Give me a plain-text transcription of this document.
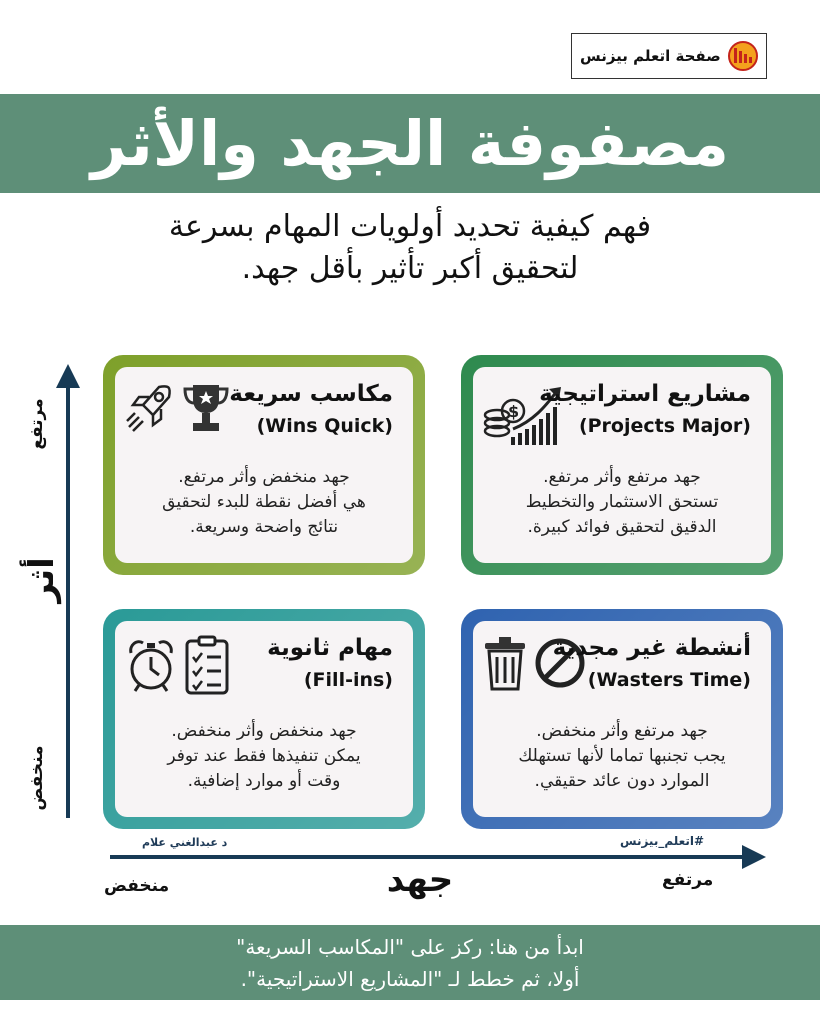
صفحة اتعلم بيزنس
مصفوفة الجهد والأثر
فهم كيفية تحديد أولويات المهام بسرعة
لتحقيق أكبر تأثير بأقل جهد.
مرتفع
أثر
منخفض
منخفض	جهد	مرتفع
د عبدالغني علام	#اتعلم_بيزنس
مكاسب سريعة
(Wins Quick)
جهد منخفض وأثر مرتفع.
هي أفضل نقطة للبدء لتحقيق
نتائج واضحة وسريعة.
$
مشاريع استراتيجية
(Projects Major)
جهد مرتفع وأثر مرتفع.
تستحق الاستثمار والتخطيط
الدقيق لتحقيق فوائد كبيرة.
مهام ثانوية
(Fill-ins)
جهد منخفض وأثر منخفض.
يمكن تنفيذها فقط عند توفر
وقت أو موارد إضافية.
أنشطة غير مجدية
(Wasters Time)
جهد مرتفع وأثر منخفض.
يجب تجنبها تماما لأنها تستهلك
الموارد دون عائد حقيقي.
ابدأ من هنا: ركز على "المكاسب السريعة"
أولا، ثم خطط لـ "المشاريع الاستراتيجية".
